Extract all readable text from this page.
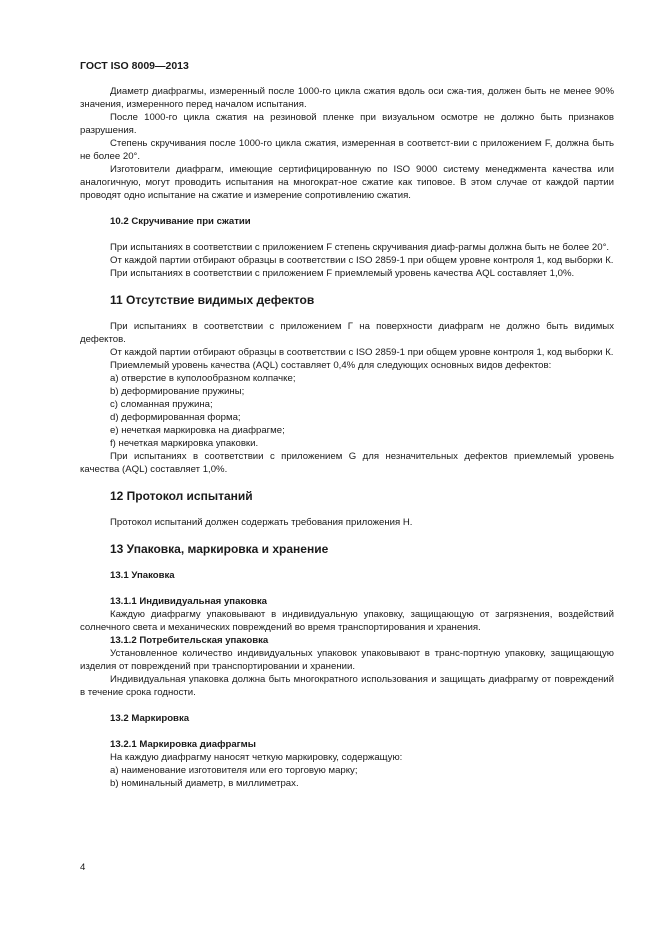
ГОСТ ISO 8009—2013

Диаметр диафрагмы, измеренный после 1000-го цикла сжатия вдоль оси сжа-тия, должен быть не менее 90% значения, измеренного перед началом испытания.

После 1000-го цикла сжатия на резиновой пленке при визуальном осмотре не должно быть признаков разрушения.

Степень скручивания после 1000-го цикла сжатия, измеренная в соответст-вии с приложением F, должна быть не более 20°.

Изготовители диафрагм, имеющие сертифицированную по ISO 9000 систему менеджмента качества или аналогичную, могут проводить испытания на многократ-ное сжатие как типовое. В этом случае от каждой партии проводят одно испытание на сжатие и измерение сопротивлению сжатия.

10.2 Скручивание при сжатии

При испытаниях в соответствии с приложением F степень скручивания диаф-рагмы должна быть не более 20°.

От каждой партии отбирают образцы в соответствии с ISO 2859-1 при общем уровне контроля 1, код выборки К.

При испытаниях в соответствии с приложением F приемлемый уровень качества AQL составляет 1,0%.

11 Отсутствие видимых дефектов

При испытаниях в соответствии с приложением Г на поверхности диафрагм не должно быть видимых дефектов.

От каждой партии отбирают образцы в соответствии с ISO 2859-1 при общем уровне контроля 1, код выборки К.

Приемлемый уровень качества (AQL) составляет 0,4% для следующих основных видов дефектов:

a) отверстие в куполообразном колпачке;

b) деформирование пружины;

c) сломанная пружина;

d) деформированная форма;

e) нечеткая маркировка на диафрагме;

f) нечеткая маркировка упаковки.

При испытаниях в соответствии с приложением G для незначительных дефектов приемлемый уровень качества (AQL) составляет 1,0%.

12 Протокол испытаний

Протокол испытаний должен содержать требования приложения H.

13 Упаковка, маркировка и хранение
13.1 Упаковка
13.1.1 Индивидуальная упаковка

Каждую диафрагму упаковывают в индивидуальную упаковку, защищающую от загрязнения, воздействий солнечного света и механических повреждений во время транспортирования и хранения.

13.1.2 Потребительская упаковка

Установленное количество индивидуальных упаковок упаковывают в транс-портную упаковку, защищающую изделия от повреждений при транспортировании и хранении.

Индивидуальная упаковка должна быть многократного использования и защищать диафрагму от повреждений в течение срока годности.

13.2 Маркировка
13.2.1 Маркировка диафрагмы

На каждую диафрагму наносят четкую маркировку, содержащую:

a) наименование изготовителя или его торговую марку;

b) номинальный диаметр, в миллиметрах.

4
